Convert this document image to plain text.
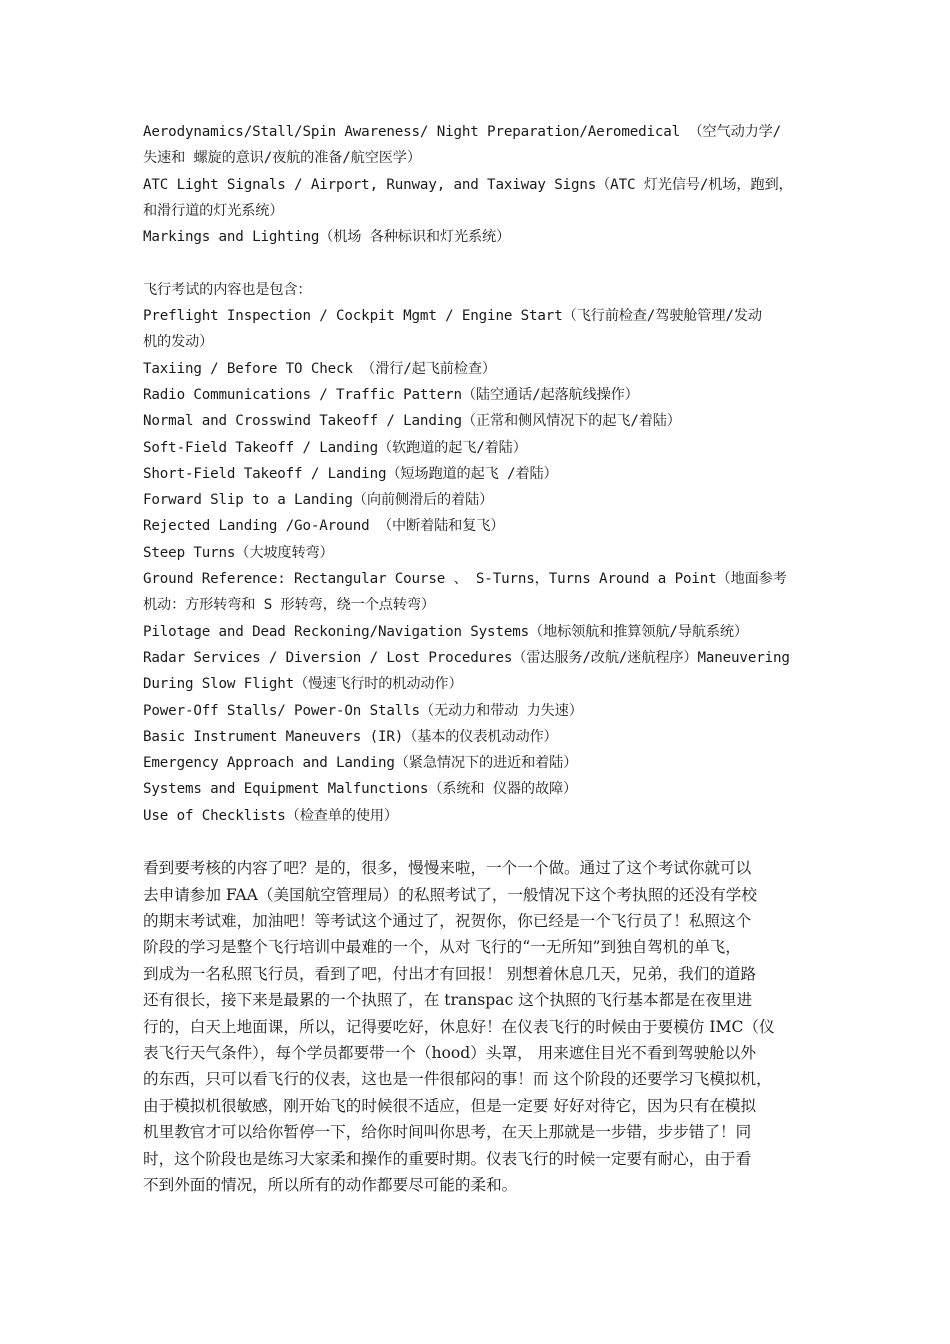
Aerodynamics/Stall/Spin Awareness/ Night Preparation/Aeromedical （空气动力学/
失速和 螺旋的意识/夜航的准备/航空医学）
ATC Light Signals / Airport, Runway, and Taxiway Signs（ATC 灯光信号/机场，跑到，
和滑行道的灯光系统）
Markings and Lighting（机场 各种标识和灯光系统）
飞行考试的内容也是包含：
Preflight Inspection / Cockpit Mgmt / Engine Start（飞行前检查/驾驶舱管理/发动
机的发动）
Taxiing / Before TO Check （滑行/起飞前检查）
Radio Communications / Traffic Pattern（陆空通话/起落航线操作）
Normal and Crosswind Takeoff / Landing（正常和侧风情况下的起飞/着陆）
Soft-Field Takeoff / Landing（软跑道的起飞/着陆）
Short-Field Takeoff / Landing（短场跑道的起飞 /着陆）
Forward Slip to a Landing（向前侧滑后的着陆）
Rejected Landing /Go-Around （中断着陆和复飞）
Steep Turns（大坡度转弯）
Ground Reference: Rectangular Course 、 S-Turns，Turns Around a Point（地面参考
机动：方形转弯和 S 形转弯，绕一个点转弯）
Pilotage and Dead Reckoning/Navigation Systems（地标领航和推算领航/导航系统）
Radar Services / Diversion / Lost Procedures（雷达服务/改航/迷航程序）Maneuvering
During Slow Flight（慢速飞行时的机动动作）
Power-Off Stalls/ Power-On Stalls（无动力和带动 力失速）
Basic Instrument Maneuvers (IR)（基本的仪表机动动作）
Emergency Approach and Landing（紧急情况下的进近和着陆）
Systems and Equipment Malfunctions（系统和 仪器的故障）
Use of Checklists（检查单的使用）
看到要考核的内容了吧？是的，很多，慢慢来啦，一个一个做。通过了这个考试你就可以
去申请参加 FAA（美国航空管理局）的私照考试了，一般情况下这个考执照的还没有学校
的期末考试难，加油吧！等考试这个通过了，祝贺你，你已经是一个飞行员了！私照这个
阶段的学习是整个飞行培训中最难的一个，从对 飞行的“一无所知”到独自驾机的单飞，
到成为一名私照飞行员，看到了吧，付出才有回报！ 别想着休息几天，兄弟，我们的道路
还有很长，接下来是最累的一个执照了，在 transpac 这个执照的飞行基本都是在夜里进
行的，白天上地面课，所以，记得要吃好，休息好！在仪表飞行的时候由于要模仿 IMC（仪
表飞行天气条件），每个学员都要带一个（hood）头罩， 用来遮住目光不看到驾驶舱以外
的东西，只可以看飞行的仪表，这也是一件很郁闷的事！而 这个阶段的还要学习飞模拟机，
由于模拟机很敏感，刚开始飞的时候很不适应，但是一定要 好好对待它，因为只有在模拟
机里教官才可以给你暂停一下，给你时间叫你思考，在天上那就是一步错，步步错了！同
时，这个阶段也是练习大家柔和操作的重要时期。仪表飞行的时候一定要有耐心，由于看
不到外面的情况，所以所有的动作都要尽可能的柔和。
